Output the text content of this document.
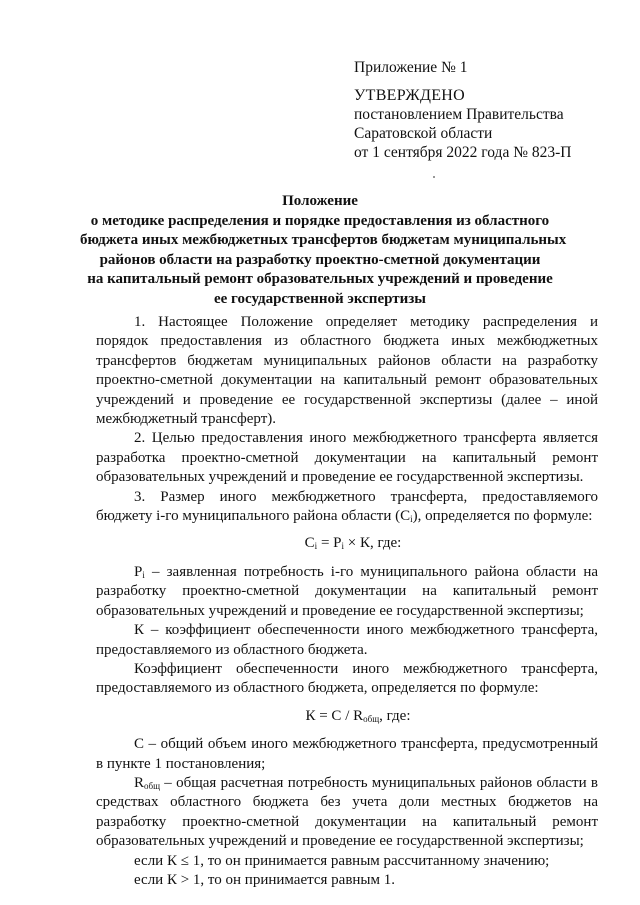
Приложение № 1
УТВЕРЖДЕНО
постановлением Правительства
Саратовской области
от 1 сентября 2022 года № 823-П
Положение
о методике распределения и порядке предоставления из областного
бюджета иных межбюджетных трансфертов бюджетам муниципальных
районов области на разработку проектно-сметной документации
на капитальный ремонт образовательных учреждений и проведение
ее государственной экспертизы

1. Настоящее Положение определяет методику распределения и порядок предоставления из областного бюджета иных межбюджетных трансфертов бюджетам муниципальных районов области на разработку проектно-сметной документации на капитальный ремонт образовательных учреждений и проведение ее государственной экспертизы (далее – иной межбюджетный трансферт).

2. Целью предоставления иного межбюджетного трансферта является разработка проектно-сметной документации на капитальный ремонт образовательных учреждений и проведение ее государственной экспертизы.

3. Размер иного межбюджетного трансферта, предоставляемого бюджету i-го муниципального района области $(С_i)$, определяется по формуле:

$С_i = Р_i \times К$, где:

$Р_i$ – заявленная потребность i-го муниципального района области на разработку проектно-сметной документации на капитальный ремонт образовательных учреждений и проведение ее государственной экспертизы;

К – коэффициент обеспеченности иного межбюджетного трансферта, предоставляемого из областного бюджета.

Коэффициент обеспеченности иного межбюджетного трансферта, предоставляемого из областного бюджета, определяется по формуле:

$К = С / R_{общ}$, где:

С – общий объем иного межбюджетного трансферта, предусмотренный в пункте 1 постановления;

$R_{общ}$ – общая расчетная потребность муниципальных районов области в средствах областного бюджета без учета доли местных бюджетов на разработку проектно-сметной документации на капитальный ремонт образовательных учреждений и проведение ее государственной экспертизы;

если К ≤ 1, то он принимается равным рассчитанному значению;

если К > 1, то он принимается равным 1.
